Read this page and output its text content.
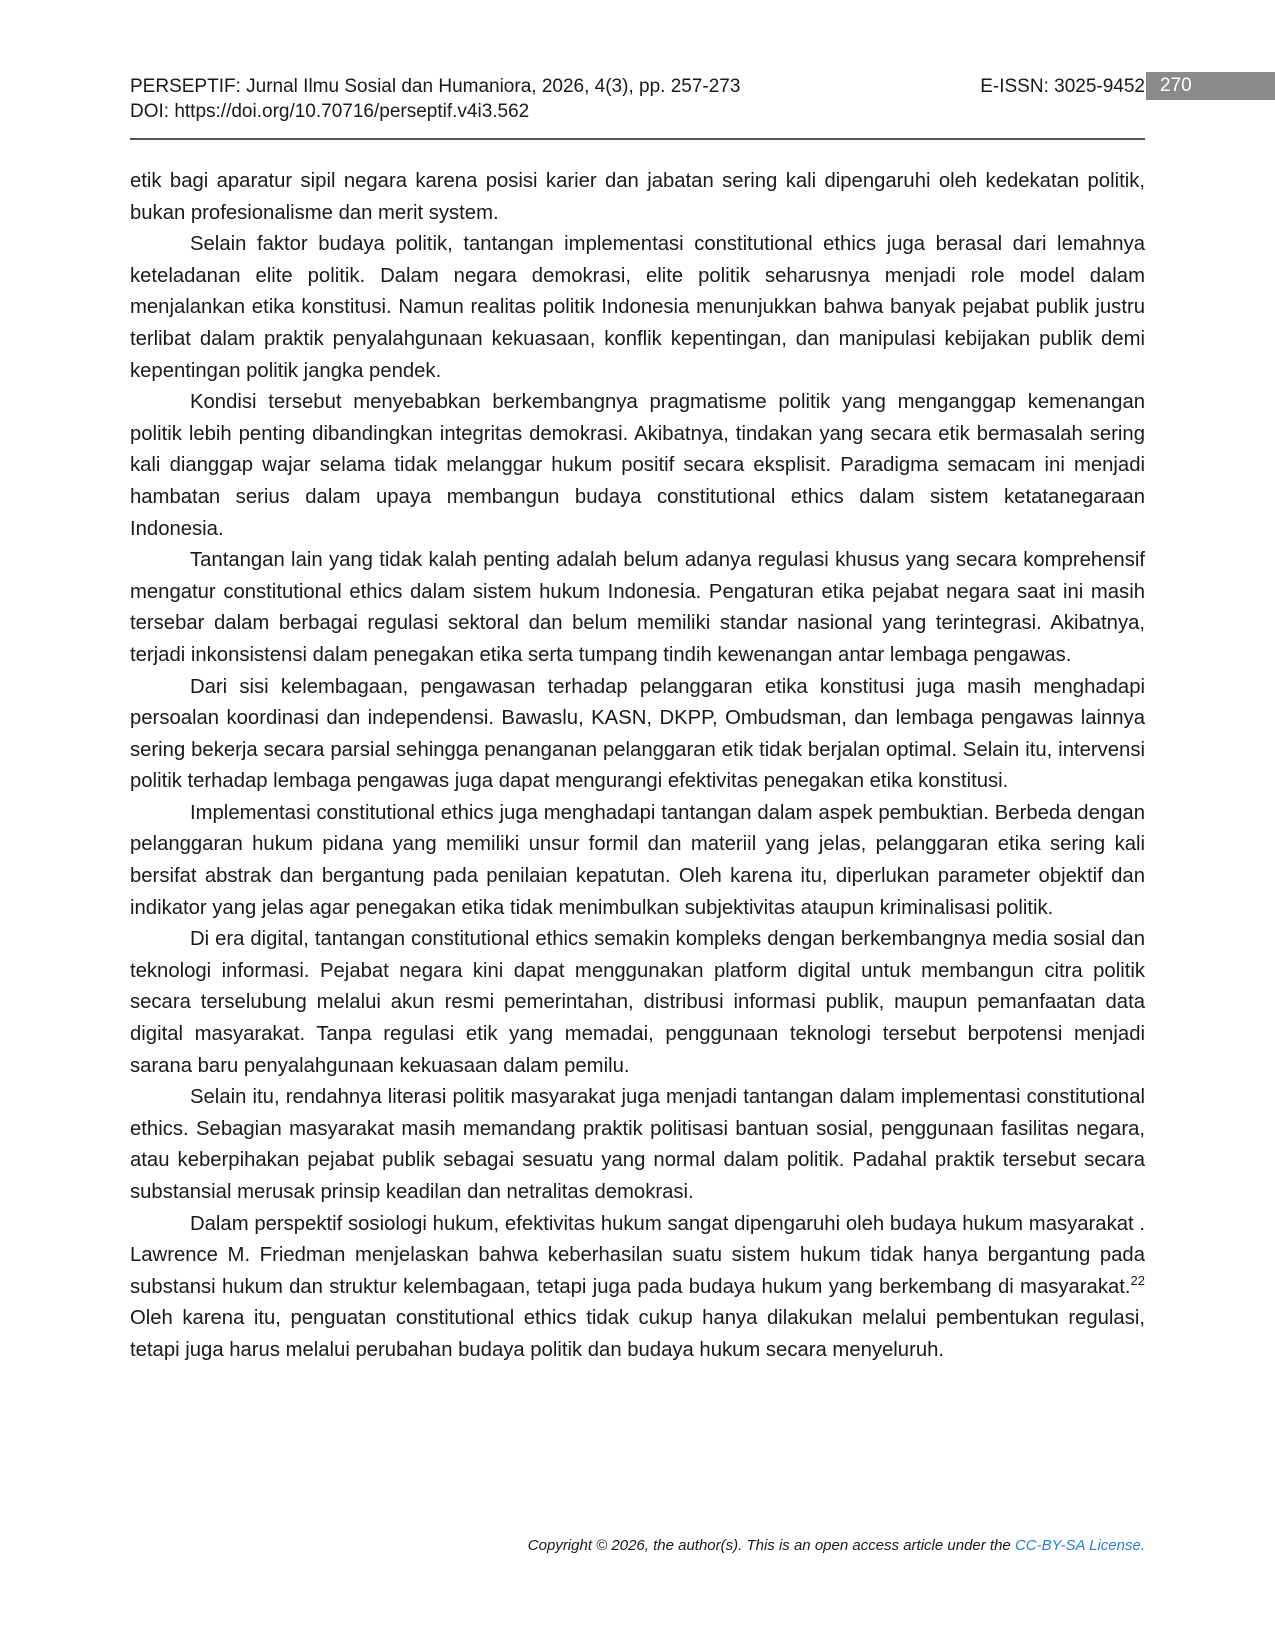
PERSEPTIF: Jurnal Ilmu Sosial dan Humaniora, 2026, 4(3), pp. 257-273	E-ISSN: 3025-9452
DOI: https://doi.org/10.70716/perseptif.v4i3.562
270

etik bagi aparatur sipil negara karena posisi karier dan jabatan sering kali dipengaruhi oleh kedekatan politik, bukan profesionalisme dan merit system.

Selain faktor budaya politik, tantangan implementasi constitutional ethics juga berasal dari lemahnya keteladanan elite politik. Dalam negara demokrasi, elite politik seharusnya menjadi role model dalam menjalankan etika konstitusi. Namun realitas politik Indonesia menunjukkan bahwa banyak pejabat publik justru terlibat dalam praktik penyalahgunaan kekuasaan, konflik kepentingan, dan manipulasi kebijakan publik demi kepentingan politik jangka pendek.

Kondisi tersebut menyebabkan berkembangnya pragmatisme politik yang menganggap kemenangan politik lebih penting dibandingkan integritas demokrasi. Akibatnya, tindakan yang secara etik bermasalah sering kali dianggap wajar selama tidak melanggar hukum positif secara eksplisit. Paradigma semacam ini menjadi hambatan serius dalam upaya membangun budaya constitutional ethics dalam sistem ketatanegaraan Indonesia.

Tantangan lain yang tidak kalah penting adalah belum adanya regulasi khusus yang secara komprehensif mengatur constitutional ethics dalam sistem hukum Indonesia. Pengaturan etika pejabat negara saat ini masih tersebar dalam berbagai regulasi sektoral dan belum memiliki standar nasional yang terintegrasi. Akibatnya, terjadi inkonsistensi dalam penegakan etika serta tumpang tindih kewenangan antar lembaga pengawas.

Dari sisi kelembagaan, pengawasan terhadap pelanggaran etika konstitusi juga masih menghadapi persoalan koordinasi dan independensi. Bawaslu, KASN, DKPP, Ombudsman, dan lembaga pengawas lainnya sering bekerja secara parsial sehingga penanganan pelanggaran etik tidak berjalan optimal. Selain itu, intervensi politik terhadap lembaga pengawas juga dapat mengurangi efektivitas penegakan etika konstitusi.

Implementasi constitutional ethics juga menghadapi tantangan dalam aspek pembuktian. Berbeda dengan pelanggaran hukum pidana yang memiliki unsur formil dan materiil yang jelas, pelanggaran etika sering kali bersifat abstrak dan bergantung pada penilaian kepatutan. Oleh karena itu, diperlukan parameter objektif dan indikator yang jelas agar penegakan etika tidak menimbulkan subjektivitas ataupun kriminalisasi politik.

Di era digital, tantangan constitutional ethics semakin kompleks dengan berkembangnya media sosial dan teknologi informasi. Pejabat negara kini dapat menggunakan platform digital untuk membangun citra politik secara terselubung melalui akun resmi pemerintahan, distribusi informasi publik, maupun pemanfaatan data digital masyarakat. Tanpa regulasi etik yang memadai, penggunaan teknologi tersebut berpotensi menjadi sarana baru penyalahgunaan kekuasaan dalam pemilu.

Selain itu, rendahnya literasi politik masyarakat juga menjadi tantangan dalam implementasi constitutional ethics. Sebagian masyarakat masih memandang praktik politisasi bantuan sosial, penggunaan fasilitas negara, atau keberpihakan pejabat publik sebagai sesuatu yang normal dalam politik. Padahal praktik tersebut secara substansial merusak prinsip keadilan dan netralitas demokrasi.

Dalam perspektif sosiologi hukum, efektivitas hukum sangat dipengaruhi oleh budaya hukum masyarakat . Lawrence M. Friedman menjelaskan bahwa keberhasilan suatu sistem hukum tidak hanya bergantung pada substansi hukum dan struktur kelembagaan, tetapi juga pada budaya hukum yang berkembang di masyarakat.$^{22}$ Oleh karena itu, penguatan constitutional ethics tidak cukup hanya dilakukan melalui pembentukan regulasi, tetapi juga harus melalui perubahan budaya politik dan budaya hukum secara menyeluruh.

Copyright © 2026, the author(s). This is an open access article under the CC-BY-SA License.
